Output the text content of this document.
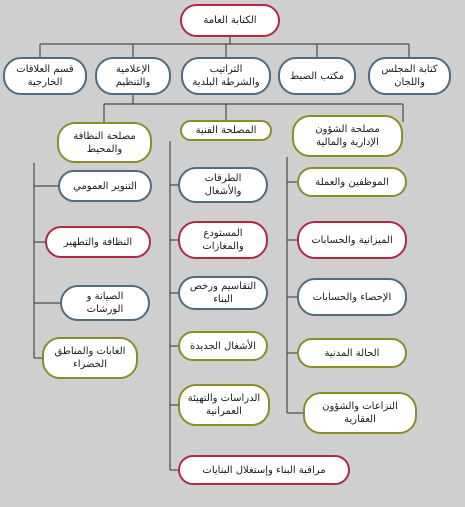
الكتابة العامة
قسم العلاقات الخارجية
الإعلامية والتنظيم
التراتيب والشرطة البلدية
مكتب الضبط
كتابة المجلس واللجان
مصلحة النظافة والمحيط
المصلحة الفنية	مصلحة الشؤون الإدارية والمالية
التنوير العمومي
النظافة والتطهير
الصيانة و الورشات
الغابات والمناطق الخضراء
الطرقات والأشغال
المستودع والمغازات
التقاسيم ورخص البناء
الأشغال الجديدة
الدراسات والتهيئة العمرانية
مراقبة البناء وإستغلال البنايات
الموظفين والعملة
الميزانية والحسابات
الإحصاء والحسابات
الحالة المدنية
النزاعات والشؤون العقارية
